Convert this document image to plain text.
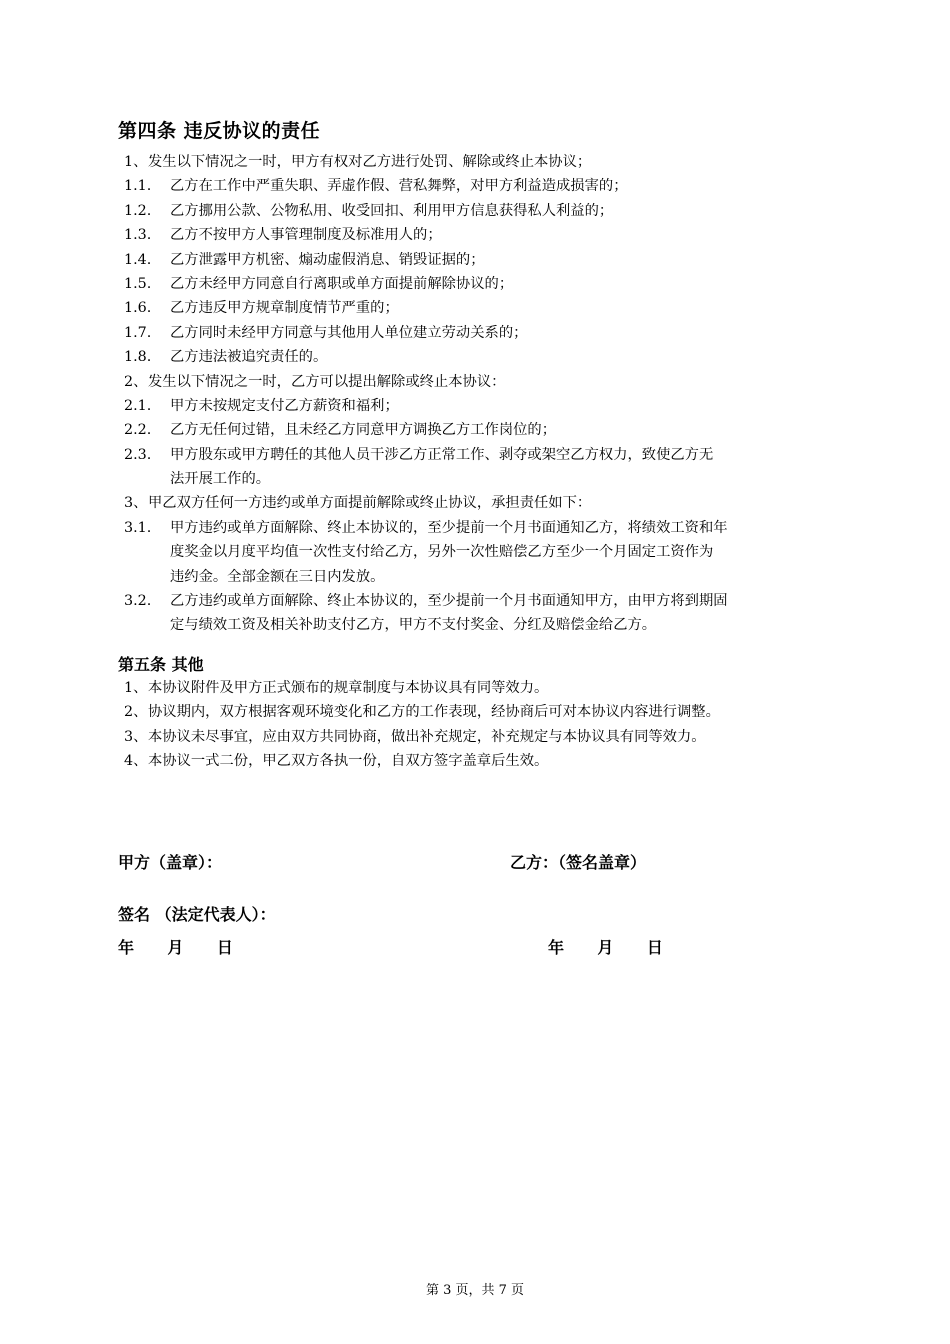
第四条 违反协议的责任
1、 发生以下情况之一时，甲方有权对乙方进行处罚、解除或终止本协议；
1.1.	乙方在工作中严重失职、弄虚作假、营私舞弊，对甲方利益造成损害的；
1.2.	乙方挪用公款、公物私用、收受回扣、利用甲方信息获得私人利益的；
1.3.	乙方不按甲方人事管理制度及标准用人的；
1.4.	乙方泄露甲方机密、煽动虚假消息、销毁证据的；
1.5.	乙方未经甲方同意自行离职或单方面提前解除协议的；
1.6.	乙方违反甲方规章制度情节严重的；
1.7.	乙方同时未经甲方同意与其他用人单位建立劳动关系的；
1.8.	乙方违法被追究责任的。
2、 发生以下情况之一时，乙方可以提出解除或终止本协议：
2.1.	甲方未按规定支付乙方薪资和福利；
2.2.	乙方无任何过错，且未经乙方同意甲方调换乙方工作岗位的；
2.3.	甲方股东或甲方聘任的其他人员干涉乙方正常工作、剥夺或架空乙方权力，致使乙方无
法开展工作的。
3、 甲乙双方任何一方违约或单方面提前解除或终止协议，承担责任如下：
3.1.	甲方违约或单方面解除、终止本协议的，至少提前一个月书面通知乙方，将绩效工资和年
度奖金以月度平均值一次性支付给乙方，另外一次性赔偿乙方至少一个月固定工资作为
违约金。全部金额在三日内发放。
3.2.	乙方违约或单方面解除、终止本协议的，至少提前一个月书面通知甲方，由甲方将到期固
定与绩效工资及相关补助支付乙方，甲方不支付奖金、分红及赔偿金给乙方。
第五条 其他
1、 本协议附件及甲方正式颁布的规章制度与本协议具有同等效力。
2、 协议期内，双方根据客观环境变化和乙方的工作表现，经协商后可对本协议内容进行调整。
3、 本协议未尽事宜，应由双方共同协商，做出补充规定，补充规定与本协议具有同等效力。
4、 本协议一式二份，甲乙双方各执一份，自双方签字盖章后生效。
甲方（盖章）：	乙方：（签名盖章）
签名 （法定代表人）：
年      月      日	年      月      日
第 3 页，共 7 页
